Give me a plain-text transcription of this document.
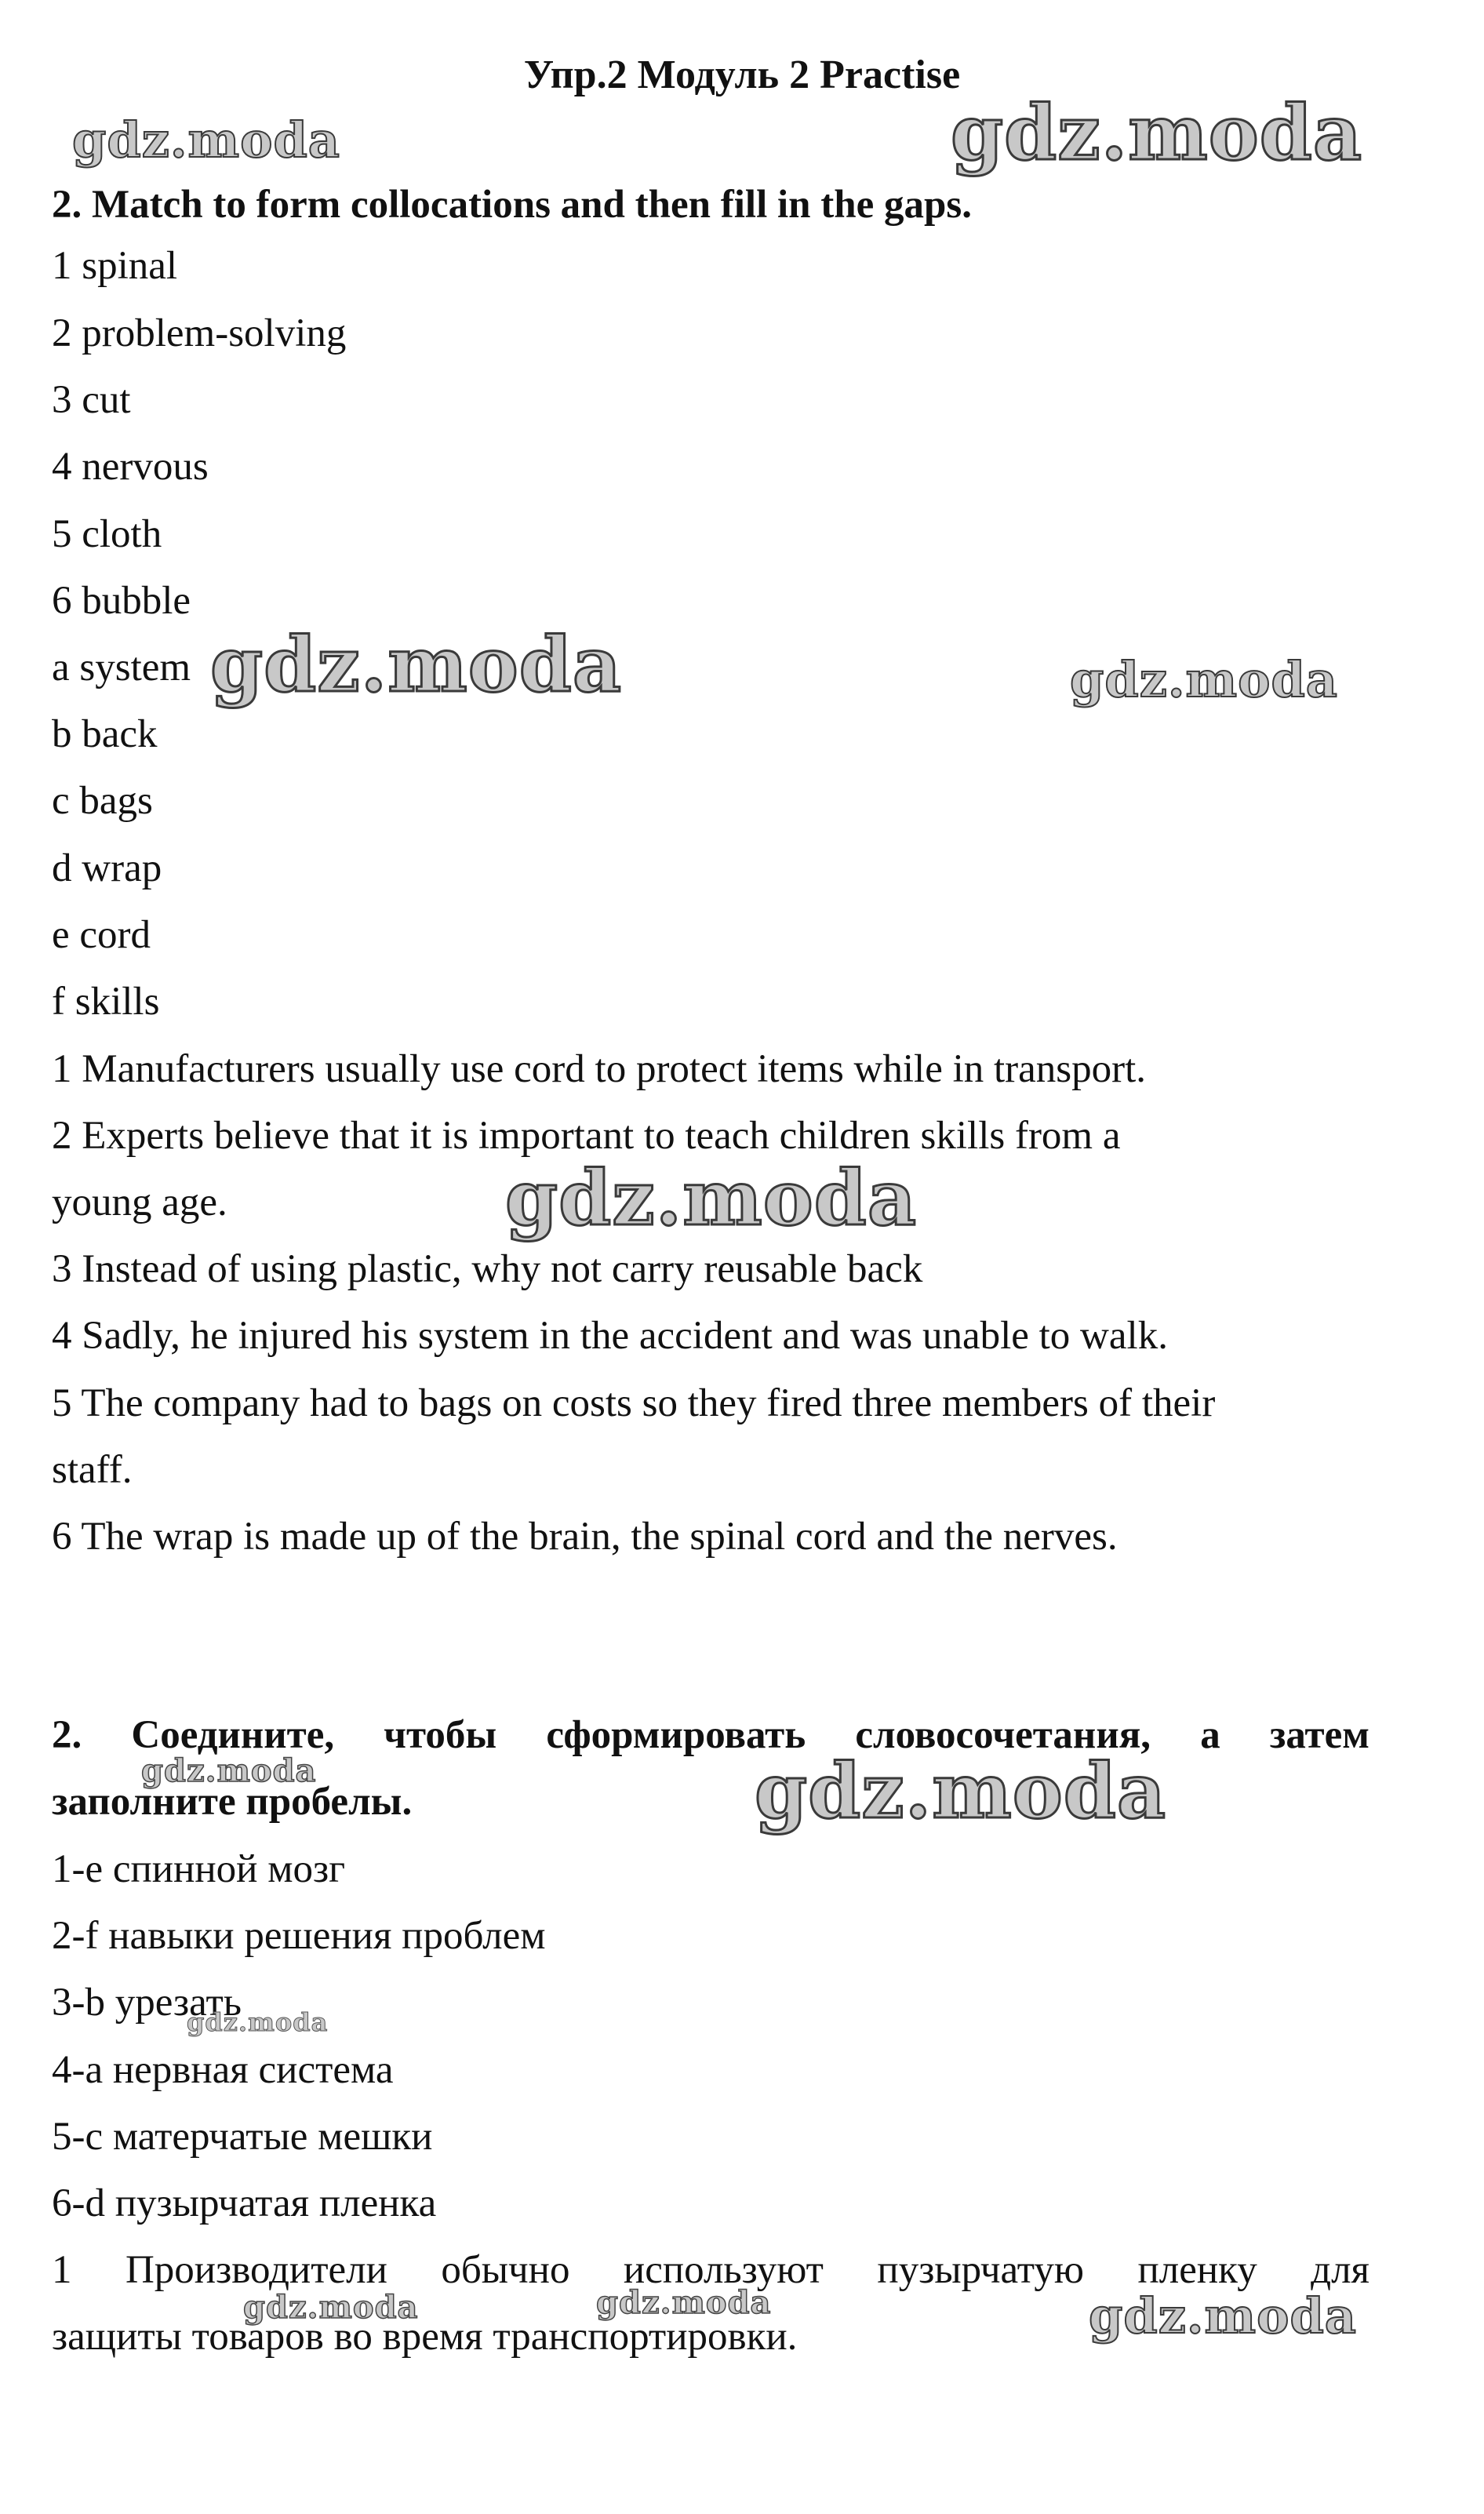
Упр.2 Модуль 2 Practise
2. Match to form collocations and then fill in the gaps.
1 spinal
2 problem-solving
3 cut
4 nervous
5 cloth
6 bubble
a system
b back
c bags
d wrap
e cord
f skills
1 Manufacturers usually use cord to protect items while in transport.
2 Experts believe that it is important to teach children skills from a
young age.
3 Instead of using plastic, why not carry reusable back
4 Sadly, he injured his system in the accident and was unable to walk.
5 The company had to bags on costs so they fired three members of their
staff.
6 The wrap is made up of the brain, the spinal cord and the nerves.
2. Соедините, чтобы сформировать словосочетания, а затем
заполните пробелы.
1-e спинной мозг
2-f навыки решения проблем
3-b урезать
4-a нервная система
5-c матерчатые мешки
6-d пузырчатая пленка
1 Производители обычно используют пузырчатую пленку для
защиты товаров во время транспортировки.
gdz.moda	gdz.moda
gdz.moda	gdz.moda
gdz.moda
gdz.moda
gdz.moda
gdz.moda
gdz.moda	gdz.moda	gdz.moda
